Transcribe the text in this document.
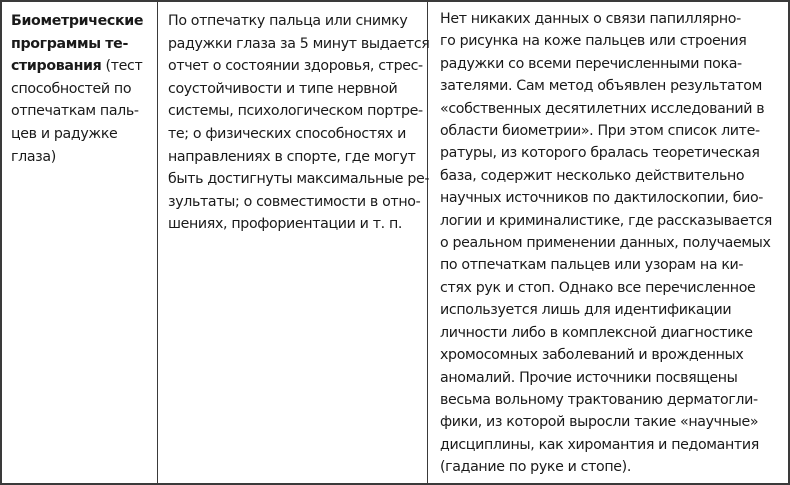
Биометрические
программы те-
стирования (тест
способностей по
отпечаткам паль-
цев и радужке
глаза)
По отпечатку пальца или снимку
радужки глаза за 5 минут выдается
отчет о состоянии здоровья, стрес-
соустойчивости и типе нервной
системы, психологическом портре-
те; о физических способностях и
направлениях в спорте, где могут
быть достигнуты максимальные ре-
зультаты; о совместимости в отно-
шениях, профориентации и т. п.
Нет никаких данных о связи папиллярно-
го рисунка на коже пальцев или строения
радужки со всеми перечисленными пока-
зателями. Сам метод объявлен результатом
«собственных десятилетних исследований в
области биометрии». При этом список лите-
ратуры, из которого бралась теоретическая
база, содержит несколько действительно
научных источников по дактилоскопии, био-
логии и криминалистике, где рассказывается
о реальном применении данных, получаемых
по отпечаткам пальцев или узорам на ки-
стях рук и стоп. Однако все перечисленное
используется лишь для идентификации
личности либо в комплексной диагностике
хромосомных заболеваний и врожденных
аномалий. Прочие источники посвящены
весьма вольному трактованию дерматогли-
фики, из которой выросли такие «научные»
дисциплины, как хиромантия и педомантия
(гадание по руке и стопе).
